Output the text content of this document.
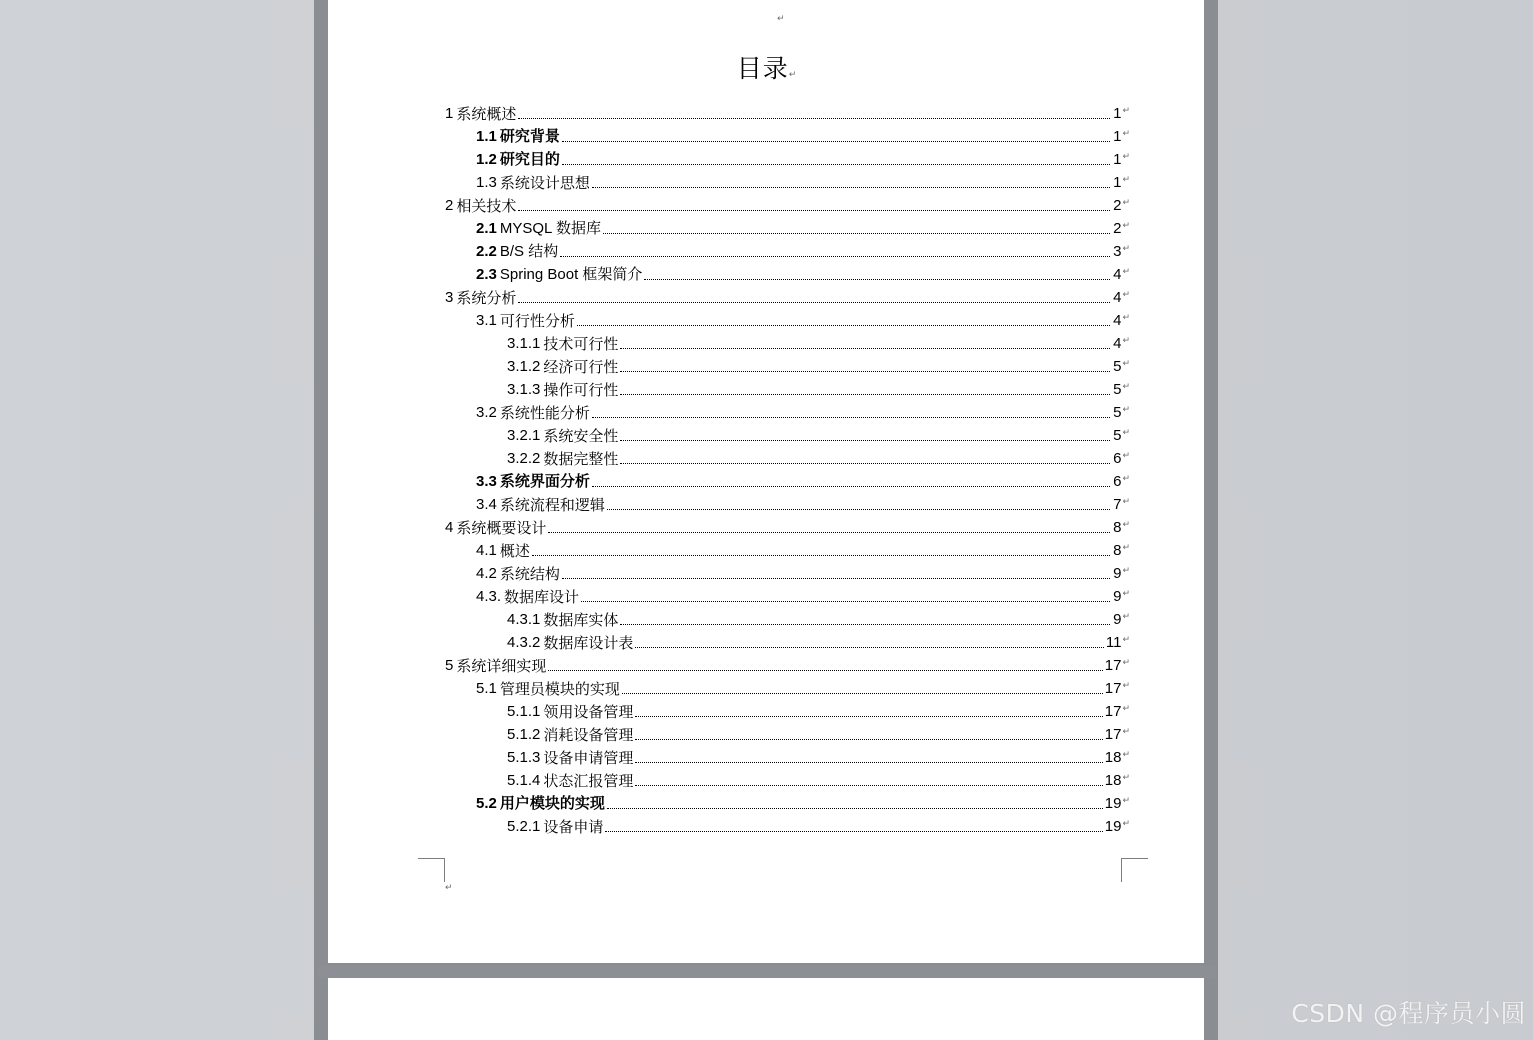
↵
目录↵
1 系统概述	1 ↵
1.1 研究背景	1 ↵
1.2 研究目的	1 ↵
1.3 系统设计思想	1 ↵
2 相关技术	2 ↵
2.1 MYSQL 数据库	2 ↵
2.2 B/S 结构	3 ↵
2.3 Spring Boot 框架简介	4 ↵
3 系统分析	4 ↵
3.1 可行性分析	4 ↵
3.1.1 技术可行性	4 ↵
3.1.2 经济可行性	5 ↵
3.1.3 操作可行性	5 ↵
3.2 系统性能分析	5 ↵
3.2.1 系统安全性	5 ↵
3.2.2 数据完整性	6 ↵
3.3 系统界面分析	6 ↵
3.4 系统流程和逻辑	7 ↵
4 系统概要设计	8 ↵
4.1 概述	8 ↵
4.2 系统结构	9 ↵
4.3. 数据库设计	9 ↵
4.3.1 数据库实体	9 ↵
4.3.2 数据库设计表	11 ↵
5 系统详细实现	17 ↵
5.1 管理员模块的实现	17 ↵
5.1.1 领用设备管理	17 ↵
5.1.2 消耗设备管理	17 ↵
5.1.3 设备申请管理	18 ↵
5.1.4 状态汇报管理	18 ↵
5.2 用户模块的实现	19 ↵
5.2.1 设备申请	19 ↵
↵
CSDN @程序员小圆
